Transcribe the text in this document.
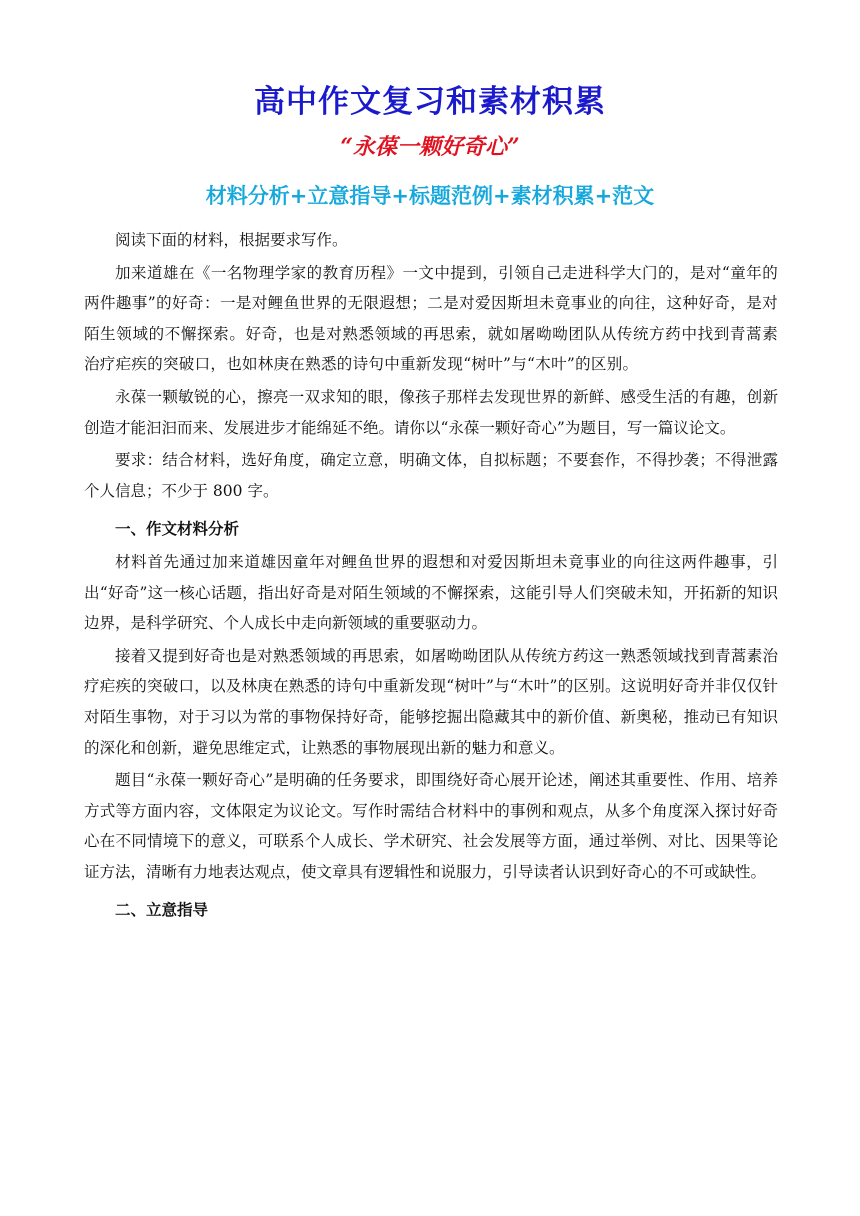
高中作文复习和素材积累
“永葆一颗好奇心”
材料分析+立意指导+标题范例+素材积累+范文

阅读下面的材料，根据要求写作。

加来道雄在《一名物理学家的教育历程》一文中提到，引领自己走进科学大门的，是对“童年的两件趣事”的好奇：一是对鲤鱼世界的无限遐想；二是对爱因斯坦未竟事业的向往，这种好奇，是对陌生领域的不懈探索。好奇，也是对熟悉领域的再思索，就如屠呦呦团队从传统方药中找到青蒿素治疗疟疾的突破口，也如林庚在熟悉的诗句中重新发现“树叶”与“木叶”的区别。

永葆一颗敏锐的心，擦亮一双求知的眼，像孩子那样去发现世界的新鲜、感受生活的有趣，创新创造才能汩汩而来、发展进步才能绵延不绝。请你以“永葆一颗好奇心”为题目，写一篇议论文。

要求：结合材料，选好角度，确定立意，明确文体，自拟标题；不要套作，不得抄袭；不得泄露个人信息；不少于 800 字。

一、作文材料分析

材料首先通过加来道雄因童年对鲤鱼世界的遐想和对爱因斯坦未竟事业的向往这两件趣事，引出“好奇”这一核心话题，指出好奇是对陌生领域的不懈探索，这能引导人们突破未知，开拓新的知识边界，是科学研究、个人成长中走向新领域的重要驱动力。

接着又提到好奇也是对熟悉领域的再思索，如屠呦呦团队从传统方药这一熟悉领域找到青蒿素治疗疟疾的突破口，以及林庚在熟悉的诗句中重新发现“树叶”与“木叶”的区别。这说明好奇并非仅仅针对陌生事物，对于习以为常的事物保持好奇，能够挖掘出隐藏其中的新价值、新奥秘，推动已有知识的深化和创新，避免思维定式，让熟悉的事物展现出新的魅力和意义。

题目“永葆一颗好奇心”是明确的任务要求，即围绕好奇心展开论述，阐述其重要性、作用、培养方式等方面内容，文体限定为议论文。写作时需结合材料中的事例和观点，从多个角度深入探讨好奇心在不同情境下的意义，可联系个人成长、学术研究、社会发展等方面，通过举例、对比、因果等论证方法，清晰有力地表达观点，使文章具有逻辑性和说服力，引导读者认识到好奇心的不可或缺性。

二、立意指导
